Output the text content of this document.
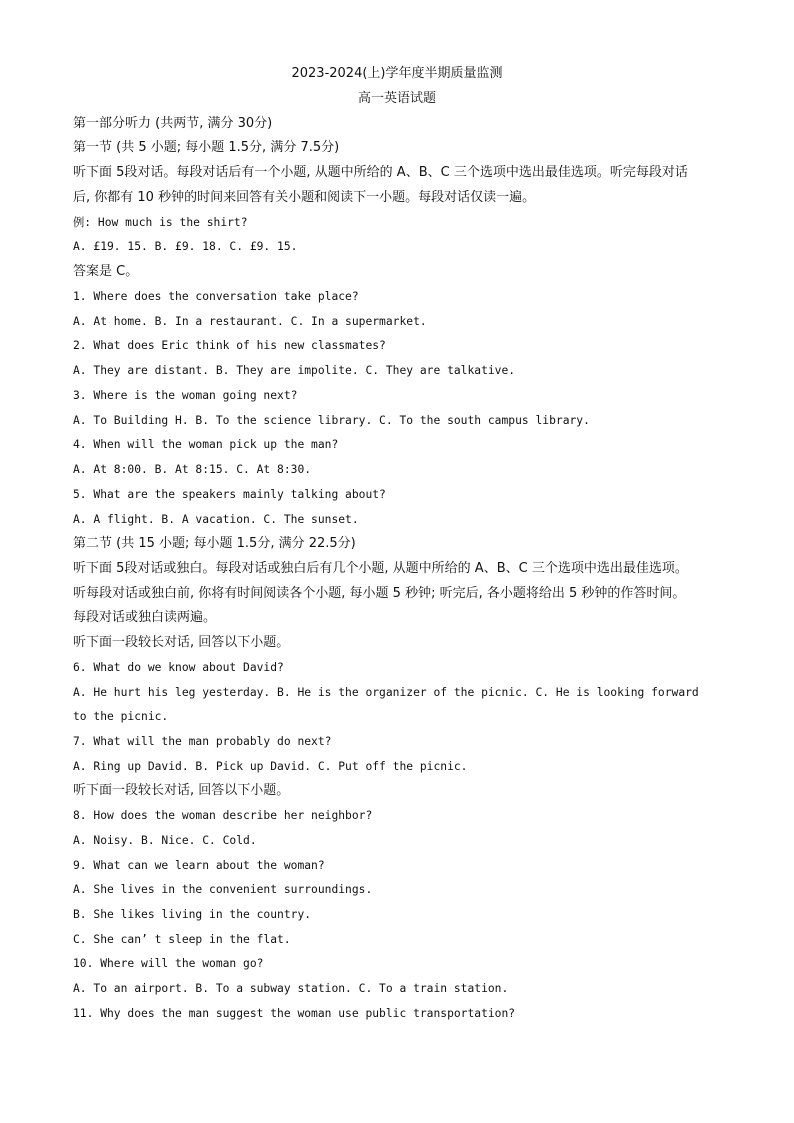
2023-2024(上)学年度半期质量监测
高一英语试题
第一部分听力 (共两节, 满分 30分)
第一节 (共 5 小题; 每小题 1.5分, 满分 7.5分)
听下面 5段对话。每段对话后有一个小题, 从题中所给的 A、B、C 三个选项中选出最佳选项。听完每段对话
后, 你都有 10 秒钟的时间来回答有关小题和阅读下一小题。每段对话仅读一遍。
例: How much is the shirt?
A. £19. 15. B. £9. 18. C. £9. 15.
答案是 C。
1. Where does the conversation take place?
A. At home. B. In a restaurant. C. In a supermarket.
2. What does Eric think of his new classmates?
A. They are distant. B. They are impolite. C. They are talkative.
3. Where is the woman going next?
A. To Building H. B. To the science library. C. To the south campus library.
4. When will the woman pick up the man?
A. At 8:00. B. At 8:15. C. At 8:30.
5. What are the speakers mainly talking about?
A. A flight. B. A vacation. C. The sunset.
第二节 (共 15 小题; 每小题 1.5分, 满分 22.5分)
听下面 5段对话或独白。每段对话或独白后有几个小题, 从题中所给的 A、B、C 三个选项中选出最佳选项。
听每段对话或独白前, 你将有时间阅读各个小题, 每小题 5 秒钟; 听完后, 各小题将给出 5 秒钟的作答时间。
每段对话或独白读两遍。
听下面一段较长对话, 回答以下小题。
6. What do we know about David?
A. He hurt his leg yesterday. B. He is the organizer of the picnic. C. He is looking forward
to the picnic.
7. What will the man probably do next?
A. Ring up David. B. Pick up David. C. Put off the picnic.
听下面一段较长对话, 回答以下小题。
8. How does the woman describe her neighbor?
A. Noisy. B. Nice. C. Cold.
9. What can we learn about the woman?
A. She lives in the convenient surroundings.
B. She likes living in the country.
C. She can’ t sleep in the flat.
10. Where will the woman go?
A. To an airport. B. To a subway station. C. To a train station.
11. Why does the man suggest the woman use public transportation?
